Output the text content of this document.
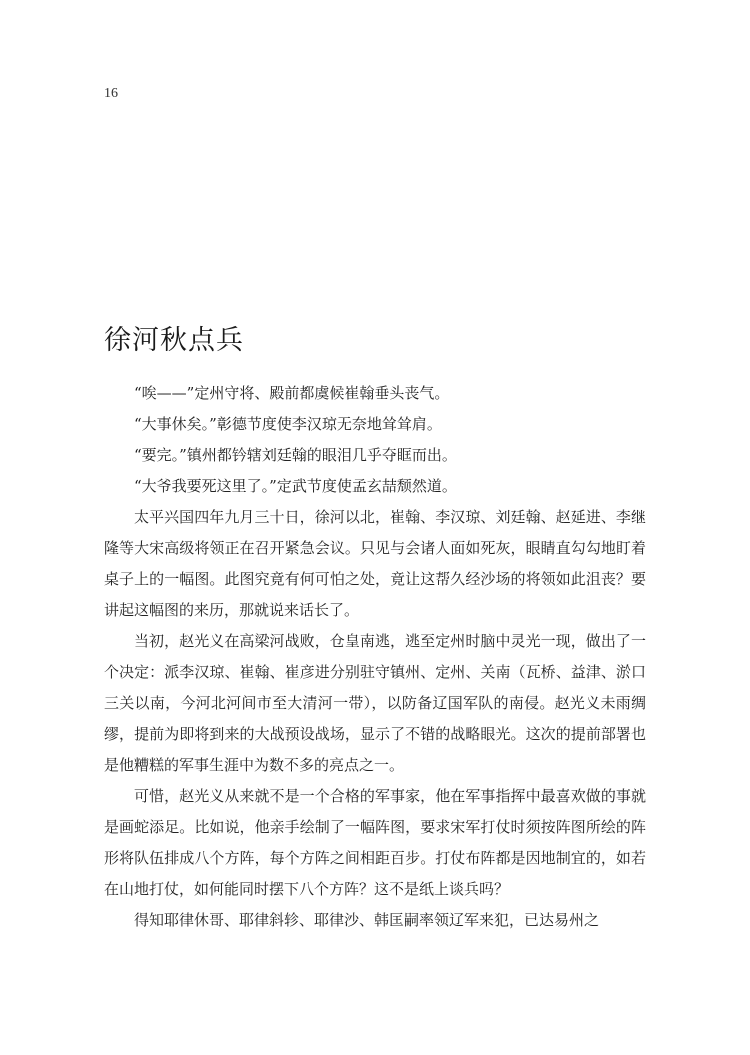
16
徐河秋点兵

“唉——”定州守将、殿前都虞候崔翰垂头丧气。

“大事休矣。”彰德节度使李汉琼无奈地耸耸肩。

“要完。”镇州都钤辖刘廷翰的眼泪几乎夺眶而出。

“大爷我要死这里了。”定武节度使孟玄喆颓然道。

太平兴国四年九月三十日，徐河以北，崔翰、李汉琼、刘廷翰、赵延进、李继隆等大宋高级将领正在召开紧急会议。只见与会诸人面如死灰，眼睛直勾勾地盯着桌子上的一幅图。此图究竟有何可怕之处，竟让这帮久经沙场的将领如此沮丧？要讲起这幅图的来历，那就说来话长了。

当初，赵光义在高梁河战败，仓皇南逃，逃至定州时脑中灵光一现，做出了一个决定：派李汉琼、崔翰、崔彦进分别驻守镇州、定州、关南（瓦桥、益津、淤口三关以南，今河北河间市至大清河一带），以防备辽国军队的南侵。赵光义未雨绸缪，提前为即将到来的大战预设战场，显示了不错的战略眼光。这次的提前部署也是他糟糕的军事生涯中为数不多的亮点之一。

可惜，赵光义从来就不是一个合格的军事家，他在军事指挥中最喜欢做的事就是画蛇添足。比如说，他亲手绘制了一幅阵图，要求宋军打仗时须按阵图所绘的阵形将队伍排成八个方阵，每个方阵之间相距百步。打仗布阵都是因地制宜的，如若在山地打仗，如何能同时摆下八个方阵？这不是纸上谈兵吗？

得知耶律休哥、耶律斜轸、耶律沙、韩匡嗣率领辽军来犯，已达易州之
